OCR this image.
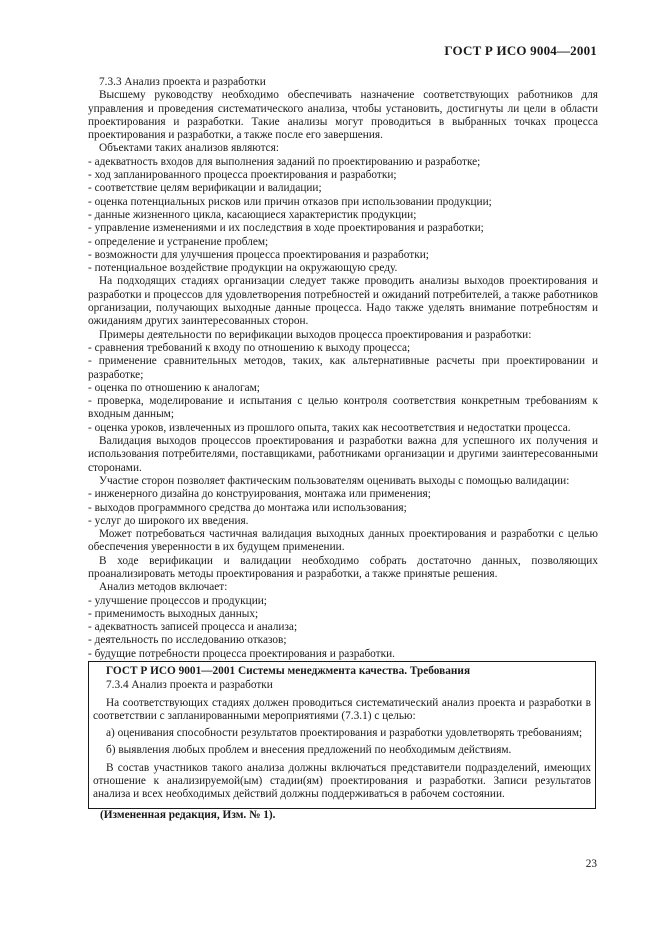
ГОСТ Р ИСО 9004—2001

7.3.3 Анализ проекта и разработки

Высшему руководству необходимо обеспечивать назначение соответствующих работников для управления и проведения систематического анализа, чтобы установить, достигнуты ли цели в области проектирования и разработки. Такие анализы могут проводиться в выбранных точках процесса проектирования и разработки, а также после его завершения.

Объектами таких анализов являются:

- адекватность входов для выполнения заданий по проектированию и разработке;

- ход запланированного процесса проектирования и разработки;

- соответствие целям верификации и валидации;

- оценка потенциальных рисков или причин отказов при использовании продукции;

- данные жизненного цикла, касающиеся характеристик продукции;

- управление изменениями и их последствия в ходе проектирования и разработки;

- определение и устранение проблем;

- возможности для улучшения процесса проектирования и разработки;

- потенциальное воздействие продукции на окружающую среду.

На подходящих стадиях организации следует также проводить анализы выходов проектирования и разработки и процессов для удовлетворения потребностей и ожиданий потребителей, а также работников организации, получающих выходные данные процесса. Надо также уделять внимание потребностям и ожиданиям других заинтересованных сторон.

Примеры деятельности по верификации выходов процесса проектирования и разработки:

- сравнения требований к входу по отношению к выходу процесса;

- применение сравнительных методов, таких, как альтернативные расчеты при проектировании и разработке;

- оценка по отношению к аналогам;

- проверка, моделирование и испытания с целью контроля соответствия конкретным требованиям к входным данным;

- оценка уроков, извлеченных из прошлого опыта, таких как несоответствия и недостатки процесса.

Валидация выходов процессов проектирования и разработки важна для успешного их получения и использования потребителями, поставщиками, работниками организации и другими заинтересованными сторонами.

Участие сторон позволяет фактическим пользователям оценивать выходы с помощью валидации:

- инженерного дизайна до конструирования, монтажа или применения;

- выходов программного средства до монтажа или использования;

- услуг до широкого их введения.

Может потребоваться частичная валидация выходных данных проектирования и разработки с целью обеспечения уверенности в их будущем применении.

В ходе верификации и валидации необходимо собрать достаточно данных, позволяющих проанализировать методы проектирования и разработки, а также принятые решения.

Анализ методов включает:

- улучшение процессов и продукции;

- применимость выходных данных;

- адекватность записей процесса и анализа;

- деятельность по исследованию отказов;

- будущие потребности процесса проектирования и разработки.

ГОСТ Р ИСО 9001—2001 Системы менеджмента качества. Требования

7.3.4 Анализ проекта и разработки

На соответствующих стадиях должен проводиться систематический анализ проекта и разработки в соответствии с запланированными мероприятиями (7.3.1) с целью:

а) оценивания способности результатов проектирования и разработки удовлетворять требованиям;

б) выявления любых проблем и внесения предложений по необходимым действиям.

В состав участников такого анализа должны включаться представители подразделений, имеющих отношение к анализируемой(ым) стадии(ям) проектирования и разработки. Записи результатов анализа и всех необходимых действий должны поддерживаться в рабочем состоянии.

(Измененная редакция, Изм. № 1).
23
